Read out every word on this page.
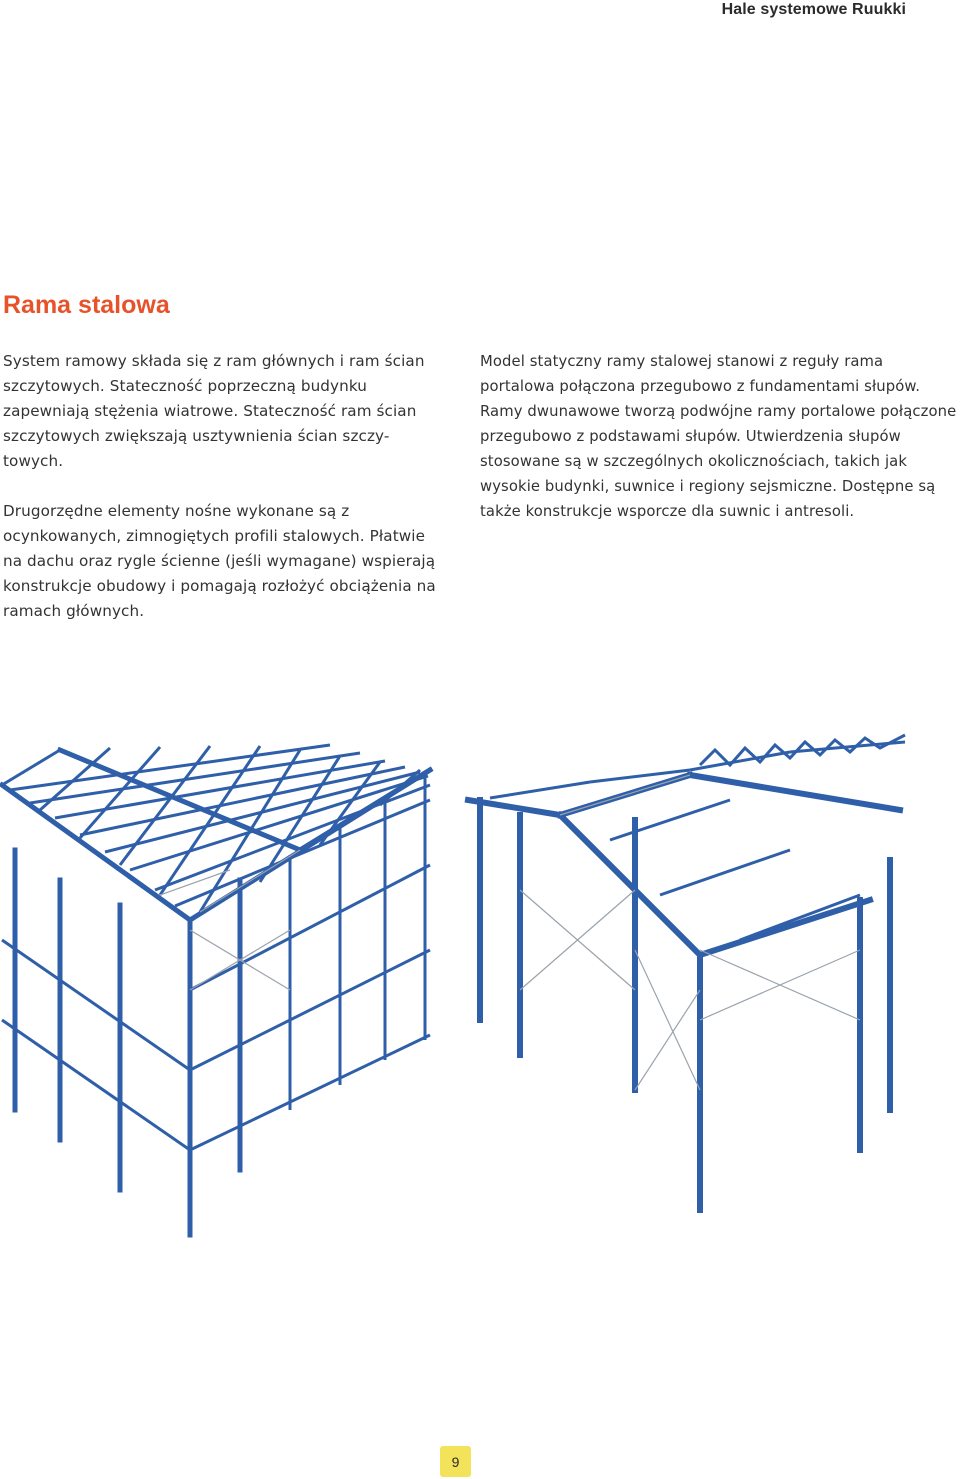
Hale systemowe Ruukki
Rama stalowa

System ramowy składa się z ram głównych i ram ścian szczytowych. Stateczność poprzeczną budynku zapewniają stężenia wiatrowe. Stateczność ram ścian szczytowych zwiększają usztywnienia ścian szczy-towych.

Drugorzędne elementy nośne wykonane są z ocynkowanych, zimnogiętych profili stalowych. Płatwie na dachu oraz rygle ścienne (jeśli wymagane) wspierają konstrukcje obudowy i pomagają rozłożyć obciążenia na ramach głównych.

Model statyczny ramy stalowej stanowi z reguły rama portalowa połączona przegubowo z fundamentami słupów. Ramy dwunawowe tworzą podwójne ramy portalowe połączone przegubowo z podstawami słupów. Utwierdzenia słupów stosowane są w szczególnych okolicznościach, takich jak wysokie budynki, suwnice i regiony sejsmiczne. Dostępne są także konstrukcje wsporcze dla suwnic i antresoli.

9
